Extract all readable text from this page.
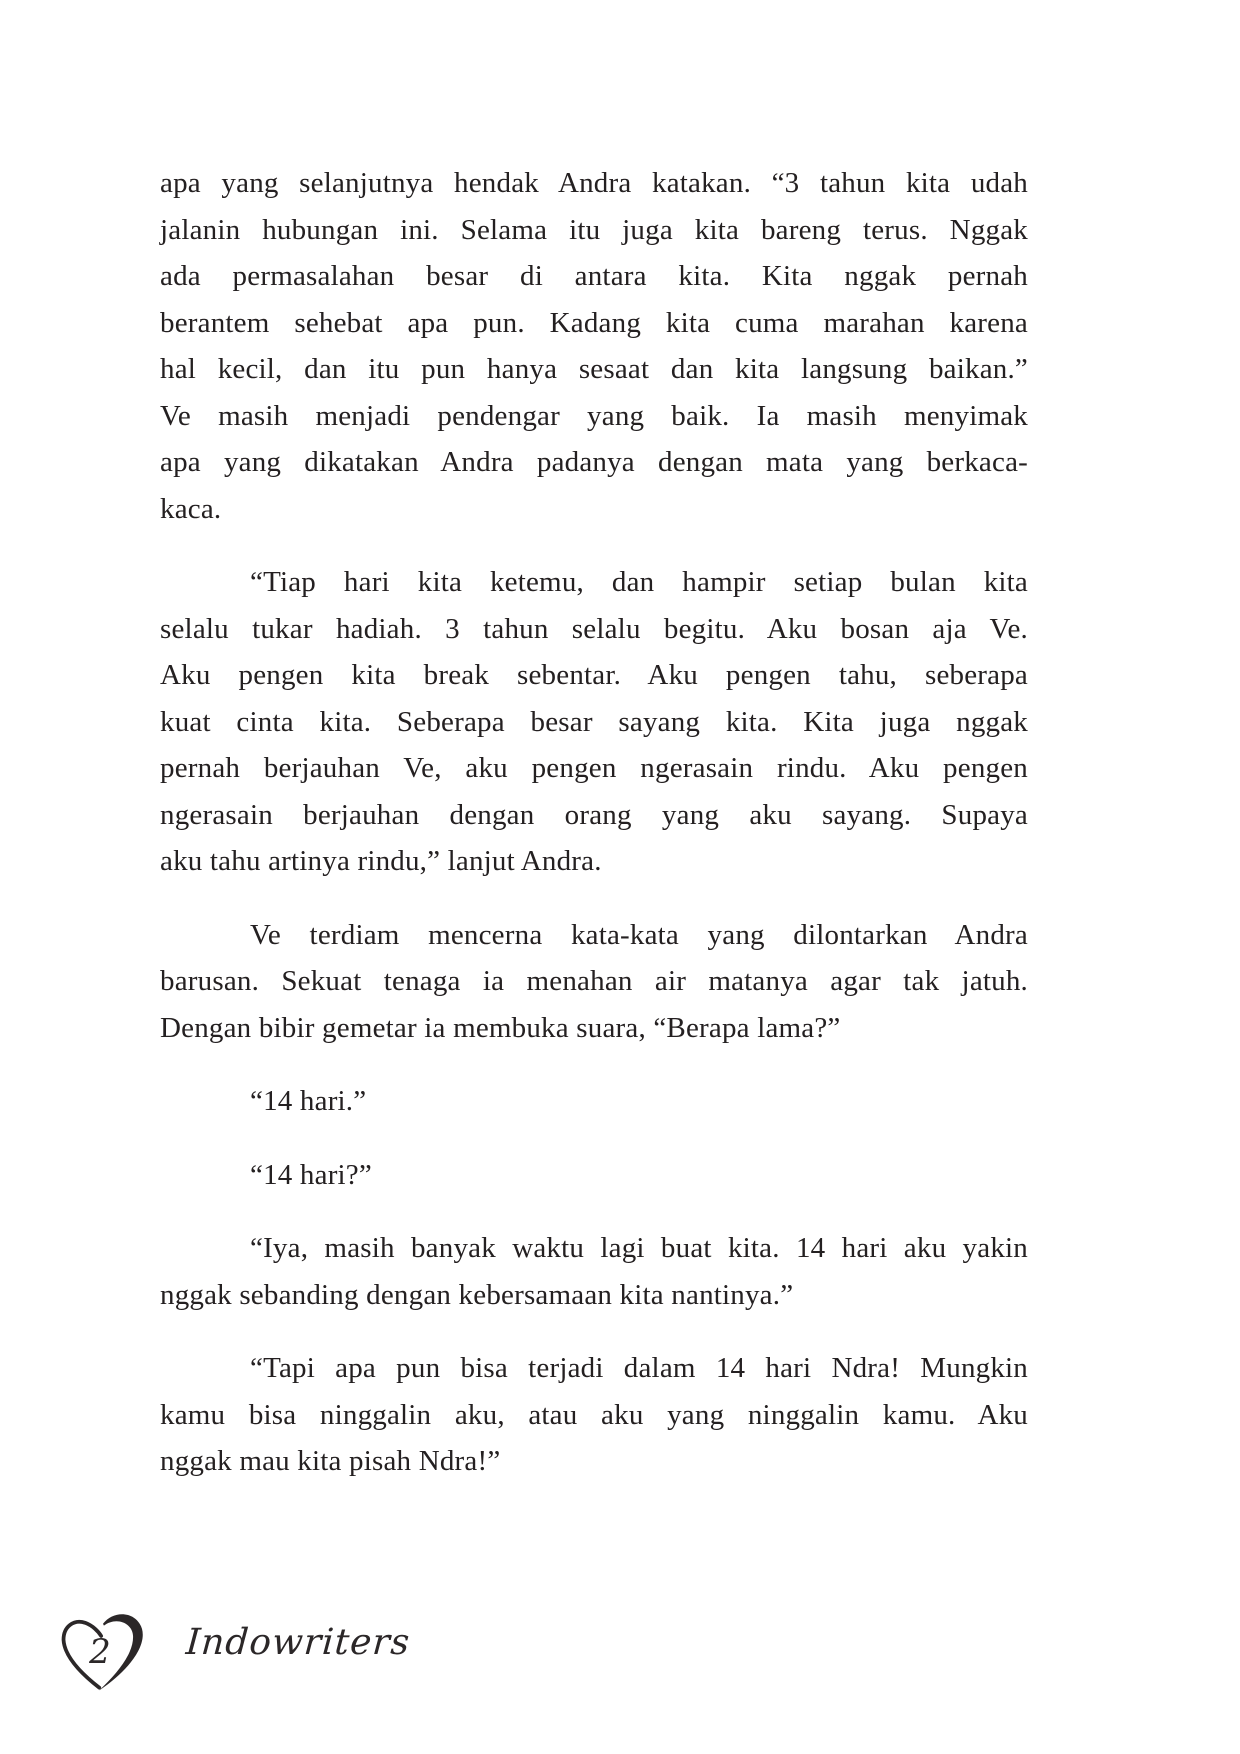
apa yang selanjutnya hendak Andra katakan. “3 tahun kita udah
jalanin hubungan ini. Selama itu juga kita bareng terus. Nggak
ada permasalahan besar di antara kita. Kita nggak pernah
berantem sehebat apa pun. Kadang kita cuma marahan karena
hal kecil, dan itu pun hanya sesaat dan kita langsung baikan.”
Ve masih menjadi pendengar yang baik. Ia masih menyimak
apa yang dikatakan Andra padanya dengan mata yang berkaca-
kaca.
“Tiap hari kita ketemu, dan hampir setiap bulan kita
selalu tukar hadiah. 3 tahun selalu begitu. Aku bosan aja Ve.
Aku pengen kita break sebentar. Aku pengen tahu, seberapa
kuat cinta kita. Seberapa besar sayang kita. Kita juga nggak
pernah berjauhan Ve, aku pengen ngerasain rindu. Aku pengen
ngerasain berjauhan dengan orang yang aku sayang. Supaya
aku tahu artinya rindu,” lanjut Andra.
Ve terdiam mencerna kata-kata yang dilontarkan Andra
barusan. Sekuat tenaga ia menahan air matanya agar tak jatuh.
Dengan bibir gemetar ia membuka suara, “Berapa lama?”
“14 hari.”
“14 hari?”
“Iya, masih banyak waktu lagi buat kita. 14 hari aku yakin
nggak sebanding dengan kebersamaan kita nantinya.”
“Tapi apa pun bisa terjadi dalam 14 hari Ndra! Mungkin
kamu bisa ninggalin aku, atau aku yang ninggalin kamu. Aku
nggak mau kita pisah Ndra!”
2	Indowriters
